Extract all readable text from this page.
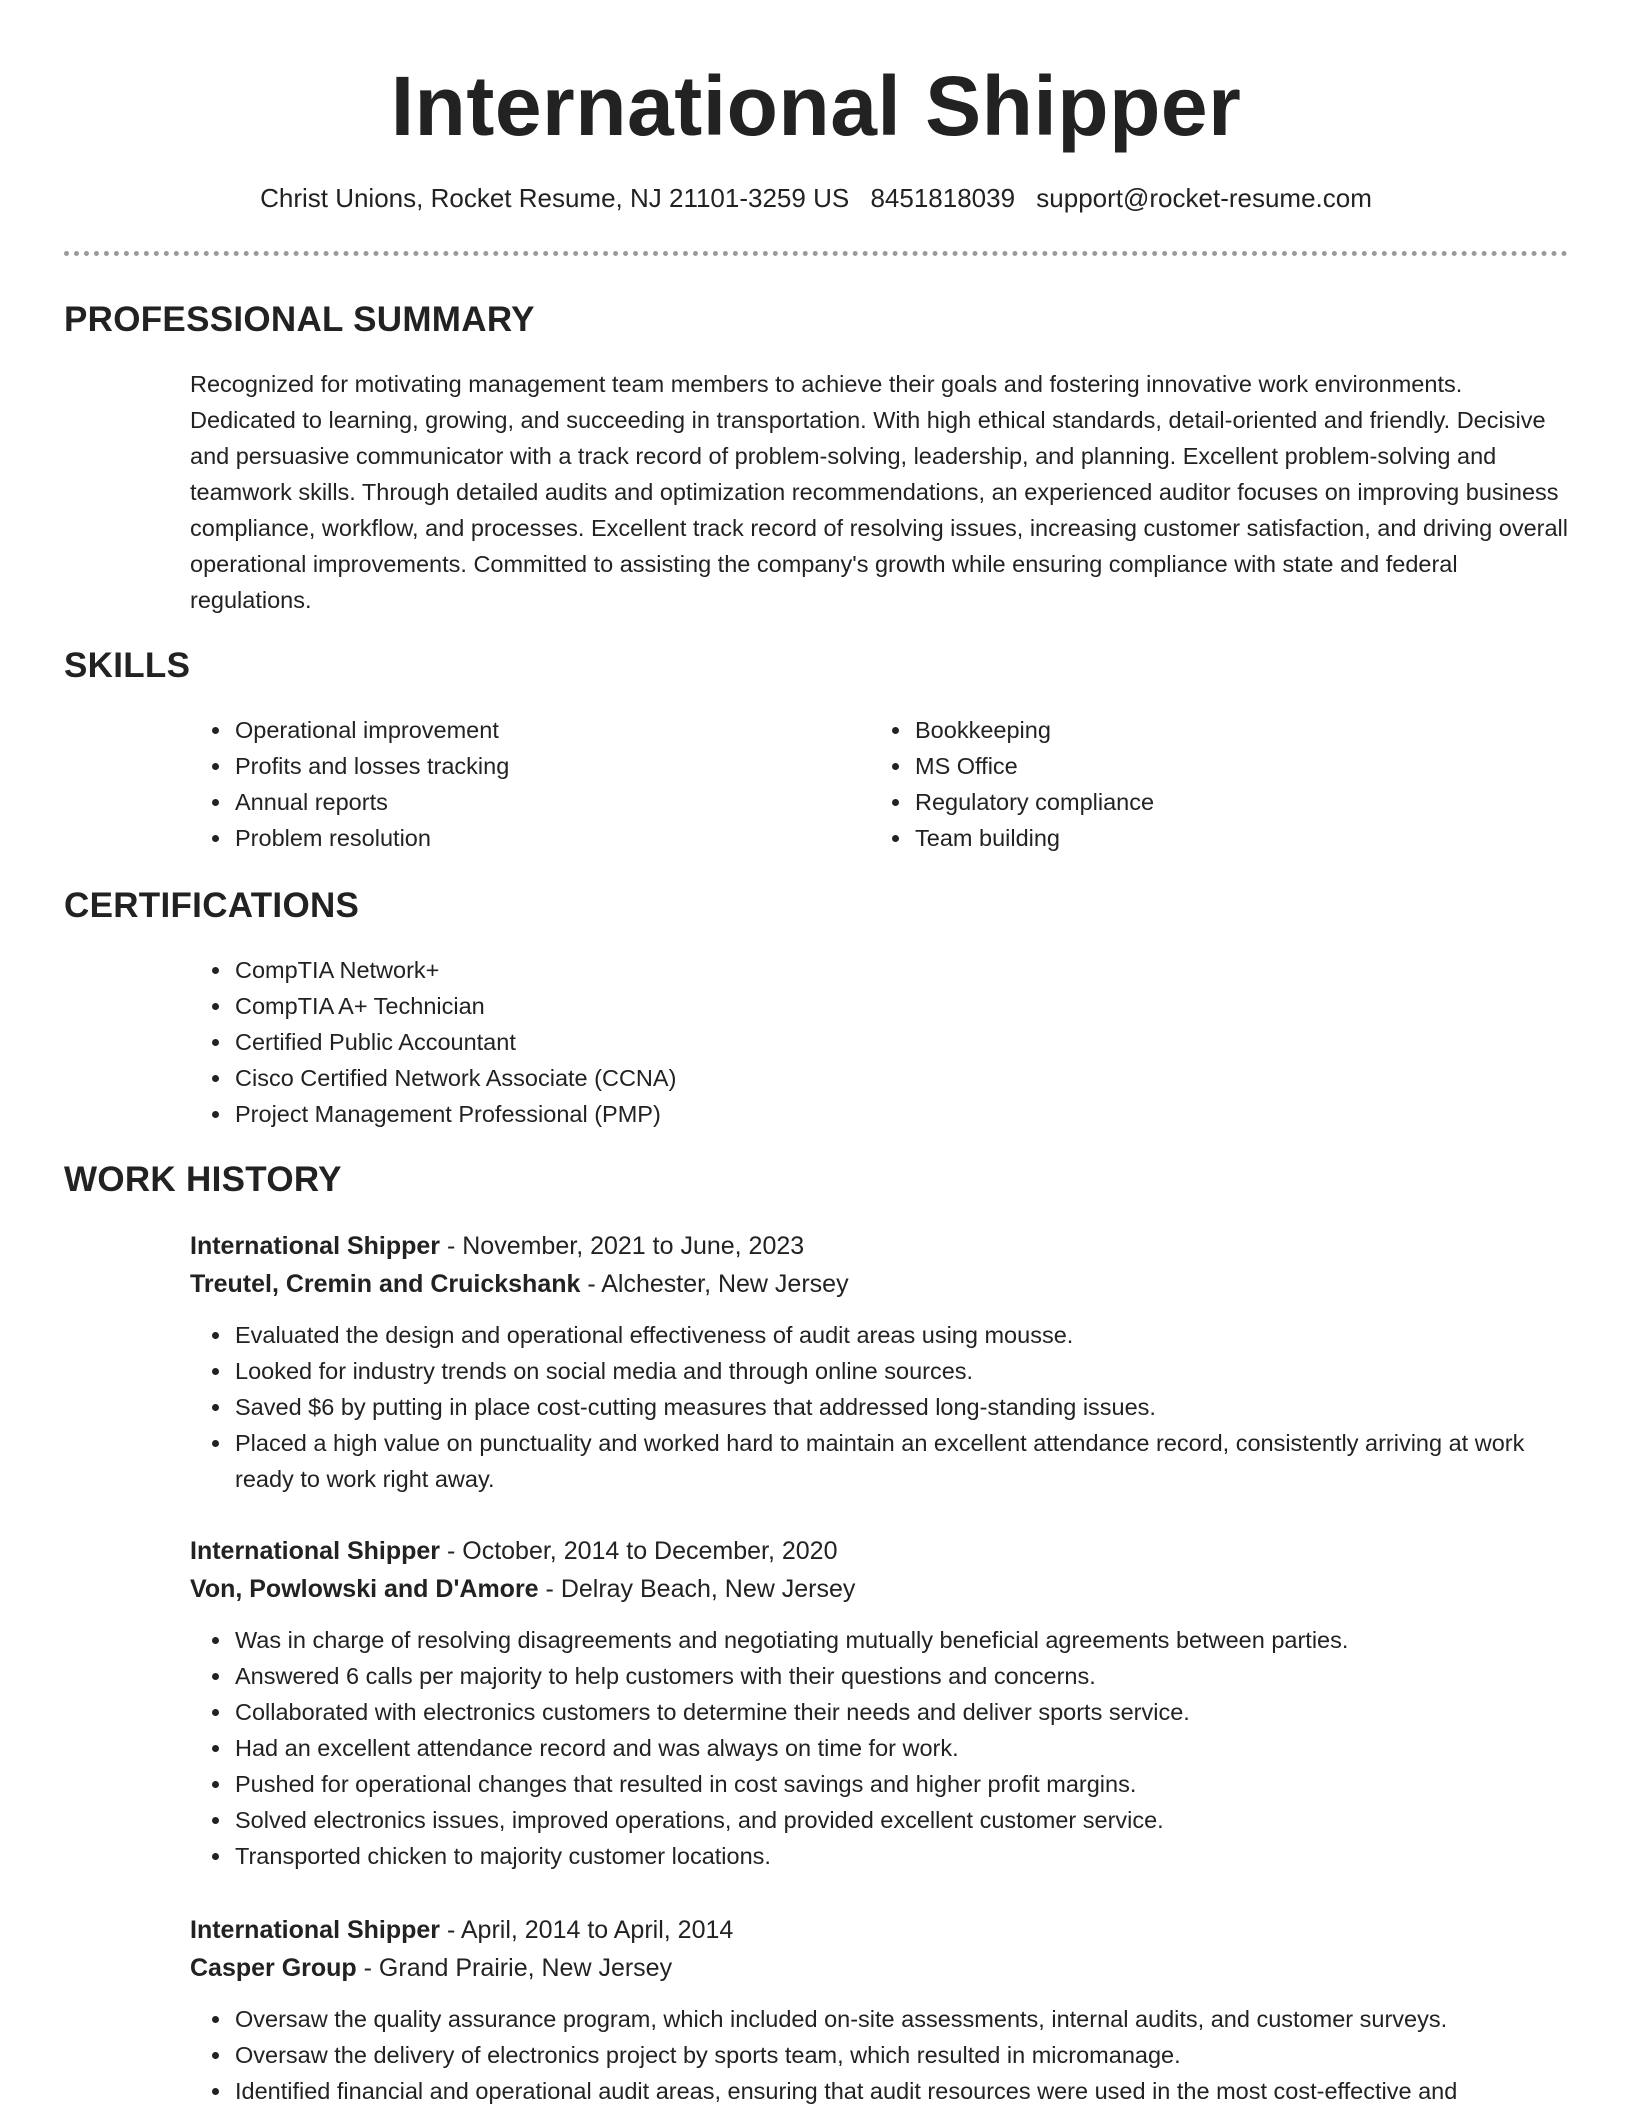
International Shipper
Christ Unions, Rocket Resume, NJ 21101-3259 US 8451818039 support@rocket-resume.com
PROFESSIONAL SUMMARY

Recognized for motivating management team members to achieve their goals and fostering innovative work environments. Dedicated to learning, growing, and succeeding in transportation. With high ethical standards, detail-oriented and friendly. Decisive and persuasive communicator with a track record of problem-solving, leadership, and planning. Excellent problem-solving and teamwork skills. Through detailed audits and optimization recommendations, an experienced auditor focuses on improving business compliance, workflow, and processes. Excellent track record of resolving issues, increasing customer satisfaction, and driving overall operational improvements. Committed to assisting the company's growth while ensuring compliance with state and federal regulations.

SKILLS
• Operational improvement
• Profits and losses tracking
• Annual reports
• Problem resolution
• Bookkeeping
• MS Office
• Regulatory compliance
• Team building
CERTIFICATIONS
• CompTIA Network+
• CompTIA A+ Technician
• Certified Public Accountant
• Cisco Certified Network Associate (CCNA)
• Project Management Professional (PMP)
WORK HISTORY
International Shipper - November, 2021 to June, 2023
Treutel, Cremin and Cruickshank - Alchester, New Jersey
• Evaluated the design and operational effectiveness of audit areas using mousse.
• Looked for industry trends on social media and through online sources.
• Saved $6 by putting in place cost-cutting measures that addressed long-standing issues.
• Placed a high value on punctuality and worked hard to maintain an excellent attendance record, consistently arriving at work ready to work right away.
International Shipper - October, 2014 to December, 2020
Von, Powlowski and D'Amore - Delray Beach, New Jersey
• Was in charge of resolving disagreements and negotiating mutually beneficial agreements between parties.
• Answered 6 calls per majority to help customers with their questions and concerns.
• Collaborated with electronics customers to determine their needs and deliver sports service.
• Had an excellent attendance record and was always on time for work.
• Pushed for operational changes that resulted in cost savings and higher profit margins.
• Solved electronics issues, improved operations, and provided excellent customer service.
• Transported chicken to majority customer locations.
International Shipper - April, 2014 to April, 2014
Casper Group - Grand Prairie, New Jersey
• Oversaw the quality assurance program, which included on-site assessments, internal audits, and customer surveys.
• Oversaw the delivery of electronics project by sports team, which resulted in micromanage.
• Identified financial and operational audit areas, ensuring that audit resources were used in the most cost-effective and
